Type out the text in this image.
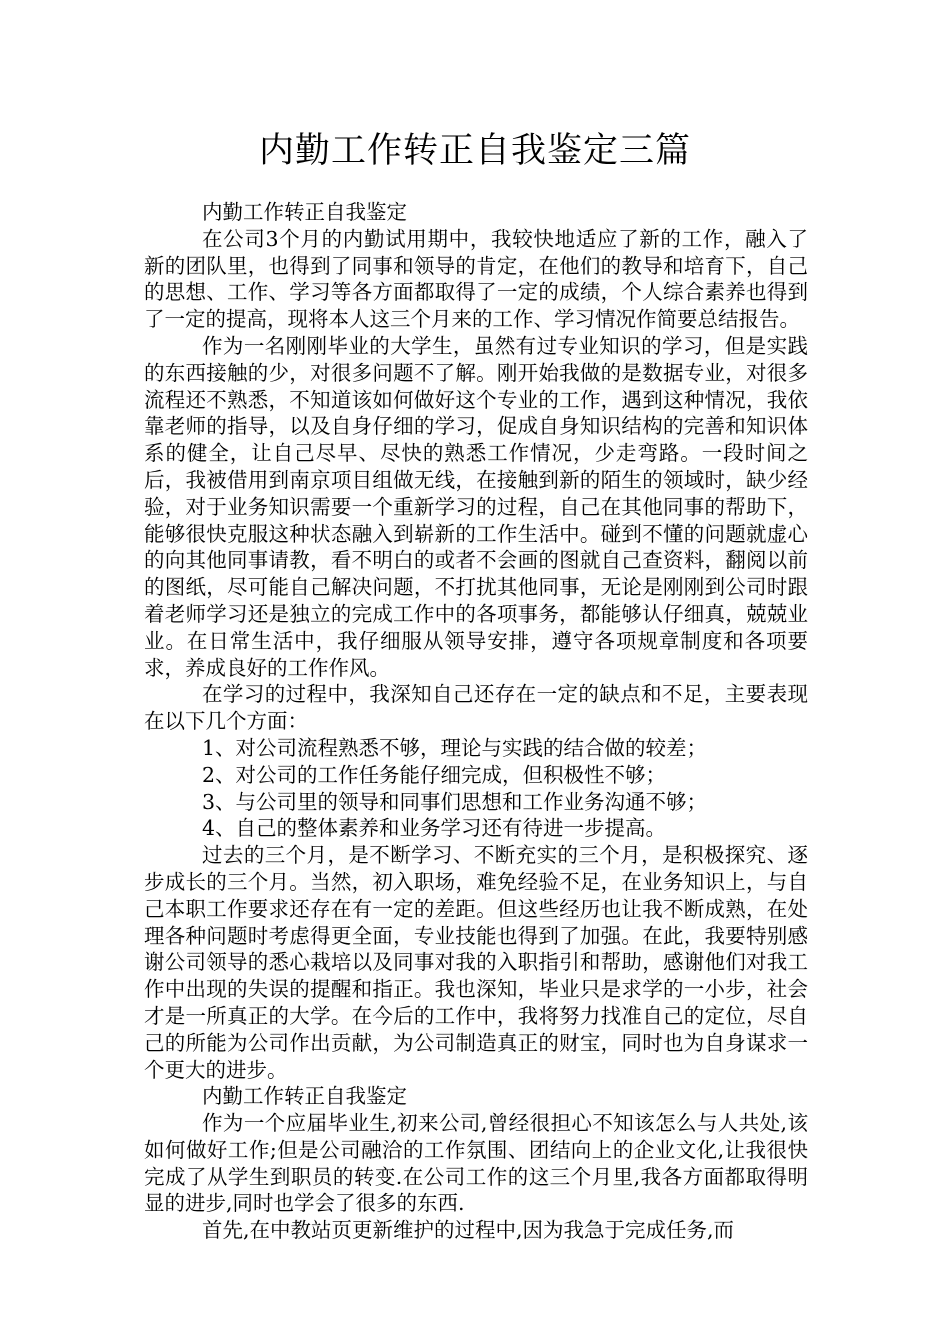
内勤工作转正自我鉴定三篇

内勤工作转正自我鉴定

在公司3个月的内勤试用期中，我较快地适应了新的工作，融入了新的团队里，也得到了同事和领导的肯定，在他们的教导和培育下，自己的思想、工作、学习等各方面都取得了一定的成绩，个人综合素养也得到了一定的提高，现将本人这三个月来的工作、学习情况作简要总结报告。

作为一名刚刚毕业的大学生，虽然有过专业知识的学习，但是实践的东西接触的少，对很多问题不了解。刚开始我做的是数据专业，对很多流程还不熟悉，不知道该如何做好这个专业的工作，遇到这种情况，我依靠老师的指导，以及自身仔细的学习，促成自身知识结构的完善和知识体系的健全，让自己尽早、尽快的熟悉工作情况，少走弯路。一段时间之后，我被借用到南京项目组做无线，在接触到新的陌生的领域时，缺少经验，对于业务知识需要一个重新学习的过程，自己在其他同事的帮助下，能够很快克服这种状态融入到崭新的工作生活中。碰到不懂的问题就虚心的向其他同事请教，看不明白的或者不会画的图就自己查资料，翻阅以前的图纸，尽可能自己解决问题，不打扰其他同事，无论是刚刚到公司时跟着老师学习还是独立的完成工作中的各项事务，都能够认仔细真，兢兢业业。在日常生活中，我仔细服从领导安排，遵守各项规章制度和各项要求，养成良好的工作作风。

在学习的过程中，我深知自己还存在一定的缺点和不足，主要表现在以下几个方面：

1、对公司流程熟悉不够，理论与实践的结合做的较差；

2、对公司的工作任务能仔细完成，但积极性不够；

3、与公司里的领导和同事们思想和工作业务沟通不够；

4、自己的整体素养和业务学习还有待进一步提高。

过去的三个月，是不断学习、不断充实的三个月，是积极探究、逐步成长的三个月。当然，初入职场，难免经验不足，在业务知识上，与自己本职工作要求还存在有一定的差距。但这些经历也让我不断成熟，在处理各种问题时考虑得更全面，专业技能也得到了加强。在此，我要特别感谢公司领导的悉心栽培以及同事对我的入职指引和帮助，感谢他们对我工作中出现的失误的提醒和指正。我也深知，毕业只是求学的一小步，社会才是一所真正的大学。在今后的工作中，我将努力找准自己的定位，尽自己的所能为公司作出贡献，为公司制造真正的财宝，同时也为自身谋求一个更大的进步。

内勤工作转正自我鉴定

作为一个应届毕业生,初来公司,曾经很担心不知该怎么与人共处,该如何做好工作;但是公司融洽的工作氛围、团结向上的企业文化,让我很快完成了从学生到职员的转变.在公司工作的这三个月里,我各方面都取得明显的进步,同时也学会了很多的东西.

首先,在中教站页更新维护的过程中,因为我急于完成任务,而
